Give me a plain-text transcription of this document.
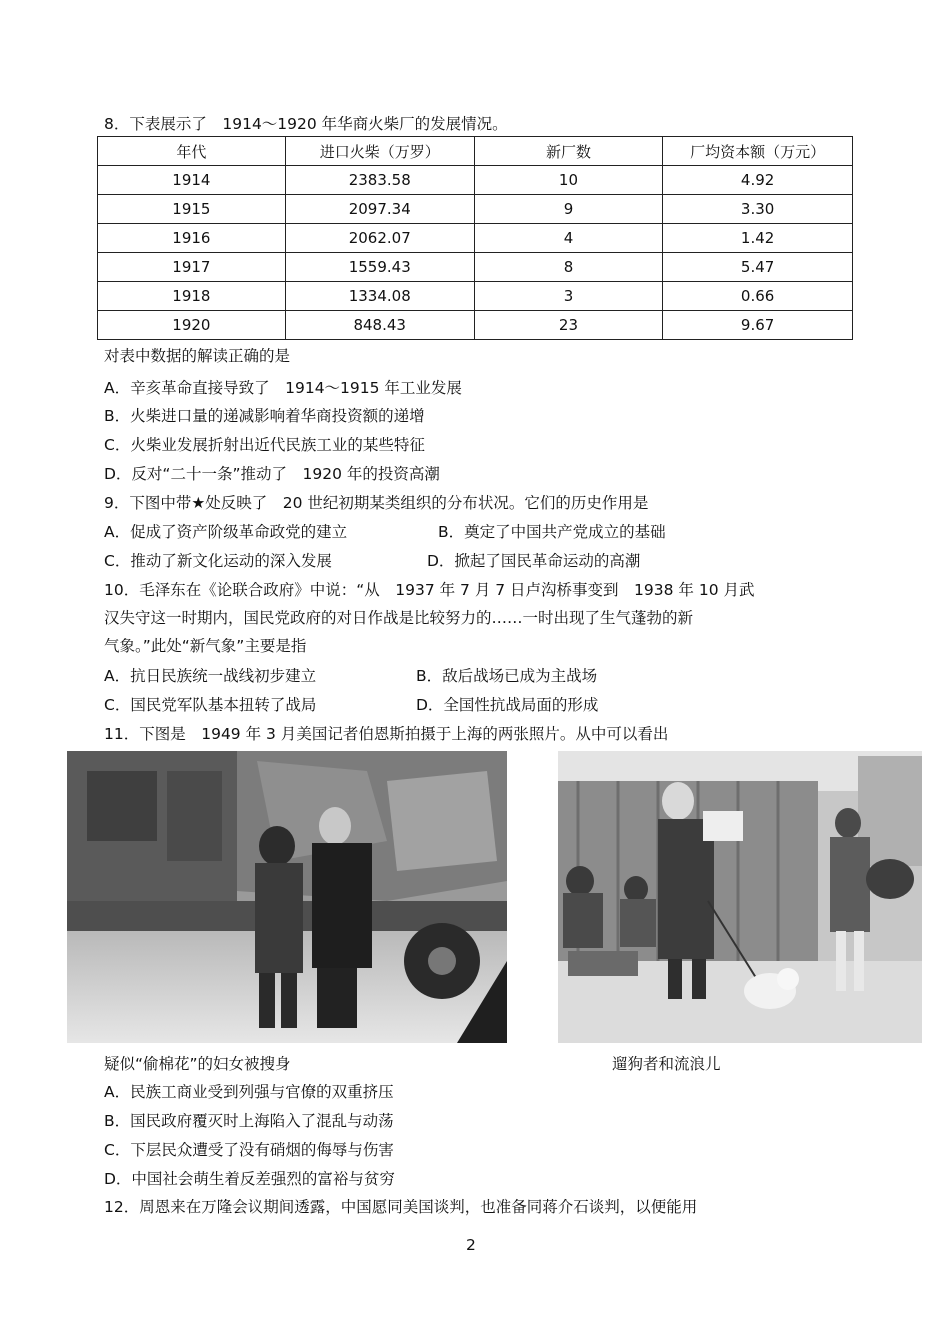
8．下表展示了　1914～1920 年华商火柴厂的发展情况。
年代	进口火柴（万罗）	新厂数	厂均资本额（万元）
1914	2383.58	10	4.92
1915	2097.34	9	3.30
1916	2062.07	4	1.42
1917	1559.43	8	5.47
1918	1334.08	3	0.66
1920	848.43	23	9.67
对表中数据的解读正确的是
A．辛亥革命直接导致了　1914～1915 年工业发展
B．火柴进口量的递减影响着华商投资额的递增
C．火柴业发展折射出近代民族工业的某些特征
D．反对“二十一条”推动了　1920 年的投资高潮
9．下图中带★处反映了　20 世纪初期某类组织的分布状况。它们的历史作用是
A．促成了资产阶级革命政党的建立	B．奠定了中国共产党成立的基础
C．推动了新文化运动的深入发展	D．掀起了国民革命运动的高潮
10．毛泽东在《论联合政府》中说：“从　1937 年 7 月 7 日卢沟桥事变到　1938 年 10 月武
汉失守这一时期内，国民党政府的对日作战是比较努力的……一时出现了生气蓬勃的新
气象。”此处“新气象”主要是指
A．抗日民族统一战线初步建立	B．敌后战场已成为主战场
C．国民党军队基本扭转了战局	D．全国性抗战局面的形成
11．下图是　1949 年 3 月美国记者伯恩斯拍摄于上海的两张照片。从中可以看出
疑似“偷棉花”的妇女被搜身	遛狗者和流浪儿
A．民族工商业受到列强与官僚的双重挤压
B．国民政府覆灭时上海陷入了混乱与动荡
C．下层民众遭受了没有硝烟的侮辱与伤害
D．中国社会萌生着反差强烈的富裕与贫穷
12．周恩来在万隆会议期间透露，中国愿同美国谈判，也准备同蒋介石谈判，以便能用
2
